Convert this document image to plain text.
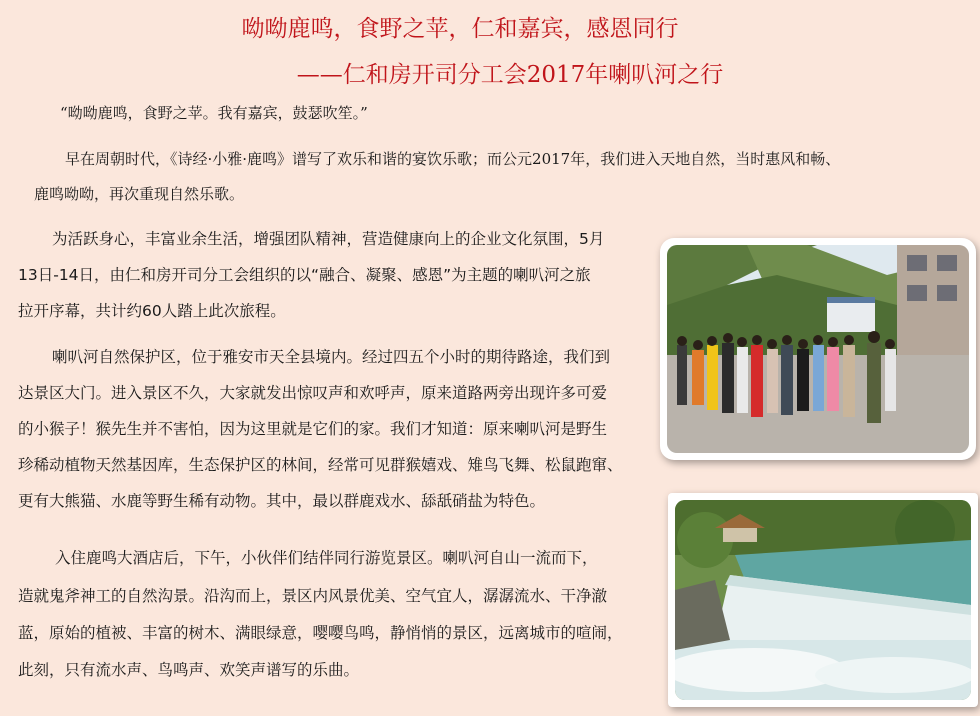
呦呦鹿鸣，食野之苹，仁和嘉宾，感恩同行
——仁和房开司分工会2017年喇叭河之行
“呦呦鹿鸣，食野之苹。我有嘉宾，鼓瑟吹笙。”
早在周朝时代，《诗经·小雅·鹿鸣》谱写了欢乐和谐的宴饮乐歌；而公元2017年，我们进入天地自然，当时惠风和畅、
鹿鸣呦呦，再次重现自然乐歌。
为活跃身心，丰富业余生活，增强团队精神，营造健康向上的企业文化氛围，5月
13日-14日，由仁和房开司分工会组织的以“融合、凝聚、感恩”为主题的喇叭河之旅
拉开序幕，共计约60人踏上此次旅程。
喇叭河自然保护区，位于雅安市天全县境内。经过四五个小时的期待路途，我们到
达景区大门。进入景区不久，大家就发出惊叹声和欢呼声，原来道路两旁出现许多可爱
的小猴子！猴先生并不害怕，因为这里就是它们的家。我们才知道：原来喇叭河是野生
珍稀动植物天然基因库，生态保护区的林间，经常可见群猴嬉戏、雉鸟飞舞、松鼠跑窜、
更有大熊猫、水鹿等野生稀有动物。其中，最以群鹿戏水、舔舐硝盐为特色。
入住鹿鸣大酒店后，下午，小伙伴们结伴同行游览景区。喇叭河自山一流而下，
造就鬼斧神工的自然沟景。沿沟而上，景区内风景优美、空气宜人，潺潺流水、干净澈
蓝，原始的植被、丰富的树木、满眼绿意，嘤嘤鸟鸣，静悄悄的景区，远离城市的喧闹，
此刻，只有流水声、鸟鸣声、欢笑声谱写的乐曲。
